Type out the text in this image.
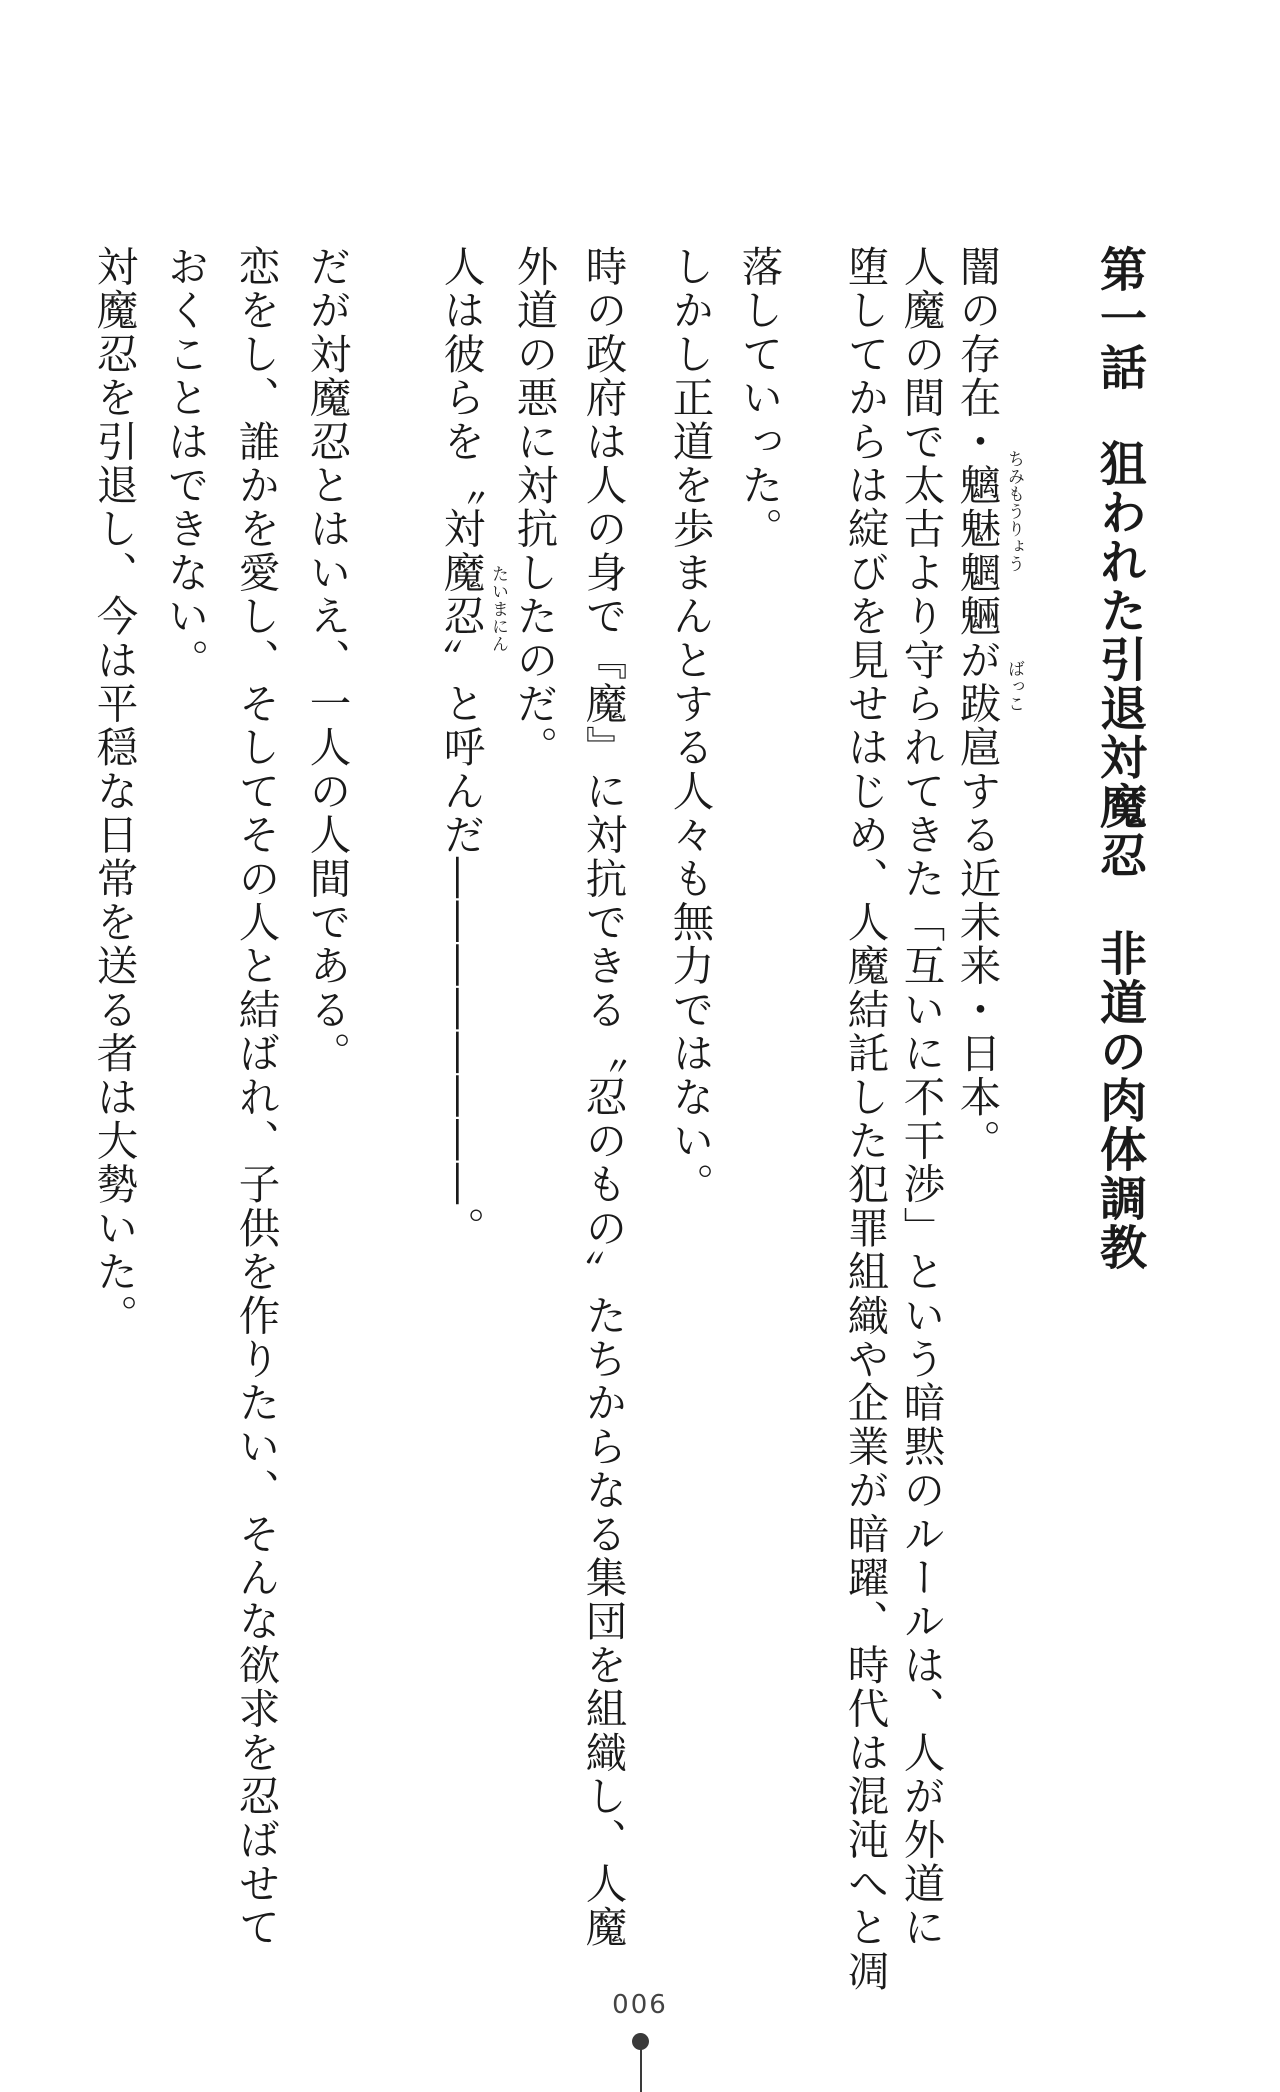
第一話狙われた引退対魔忍　非道の肉体調教
闇の存在・魑魅魍魎が跋扈する近未来・日本。
人魔の間で太古より守られてきた「互いに不干渉」という暗黙のルールは、人が外道に
堕してからは綻びを見せはじめ、人魔結託した犯罪組織や企業が暗躍、時代は混沌へと凋
落していった。
しかし正道を歩まんとする人々も無力ではない。
時の政府は人の身で『魔』に対抗できる〝忍のもの〟たちからなる集団を組織し、人魔
外道の悪に対抗したのだ。
人は彼らを〝対魔忍〟と呼んだ――――――――。
だが対魔忍とはいえ、一人の人間である。
恋をし、誰かを愛し、そしてその人と結ばれ、子供を作りたい、そんな欲求を忍ばせて
おくことはできない。
対魔忍を引退し、今は平穏な日常を送る者は大勢いた。	ちみもうりょう
ばっこ
たいまにん
006
